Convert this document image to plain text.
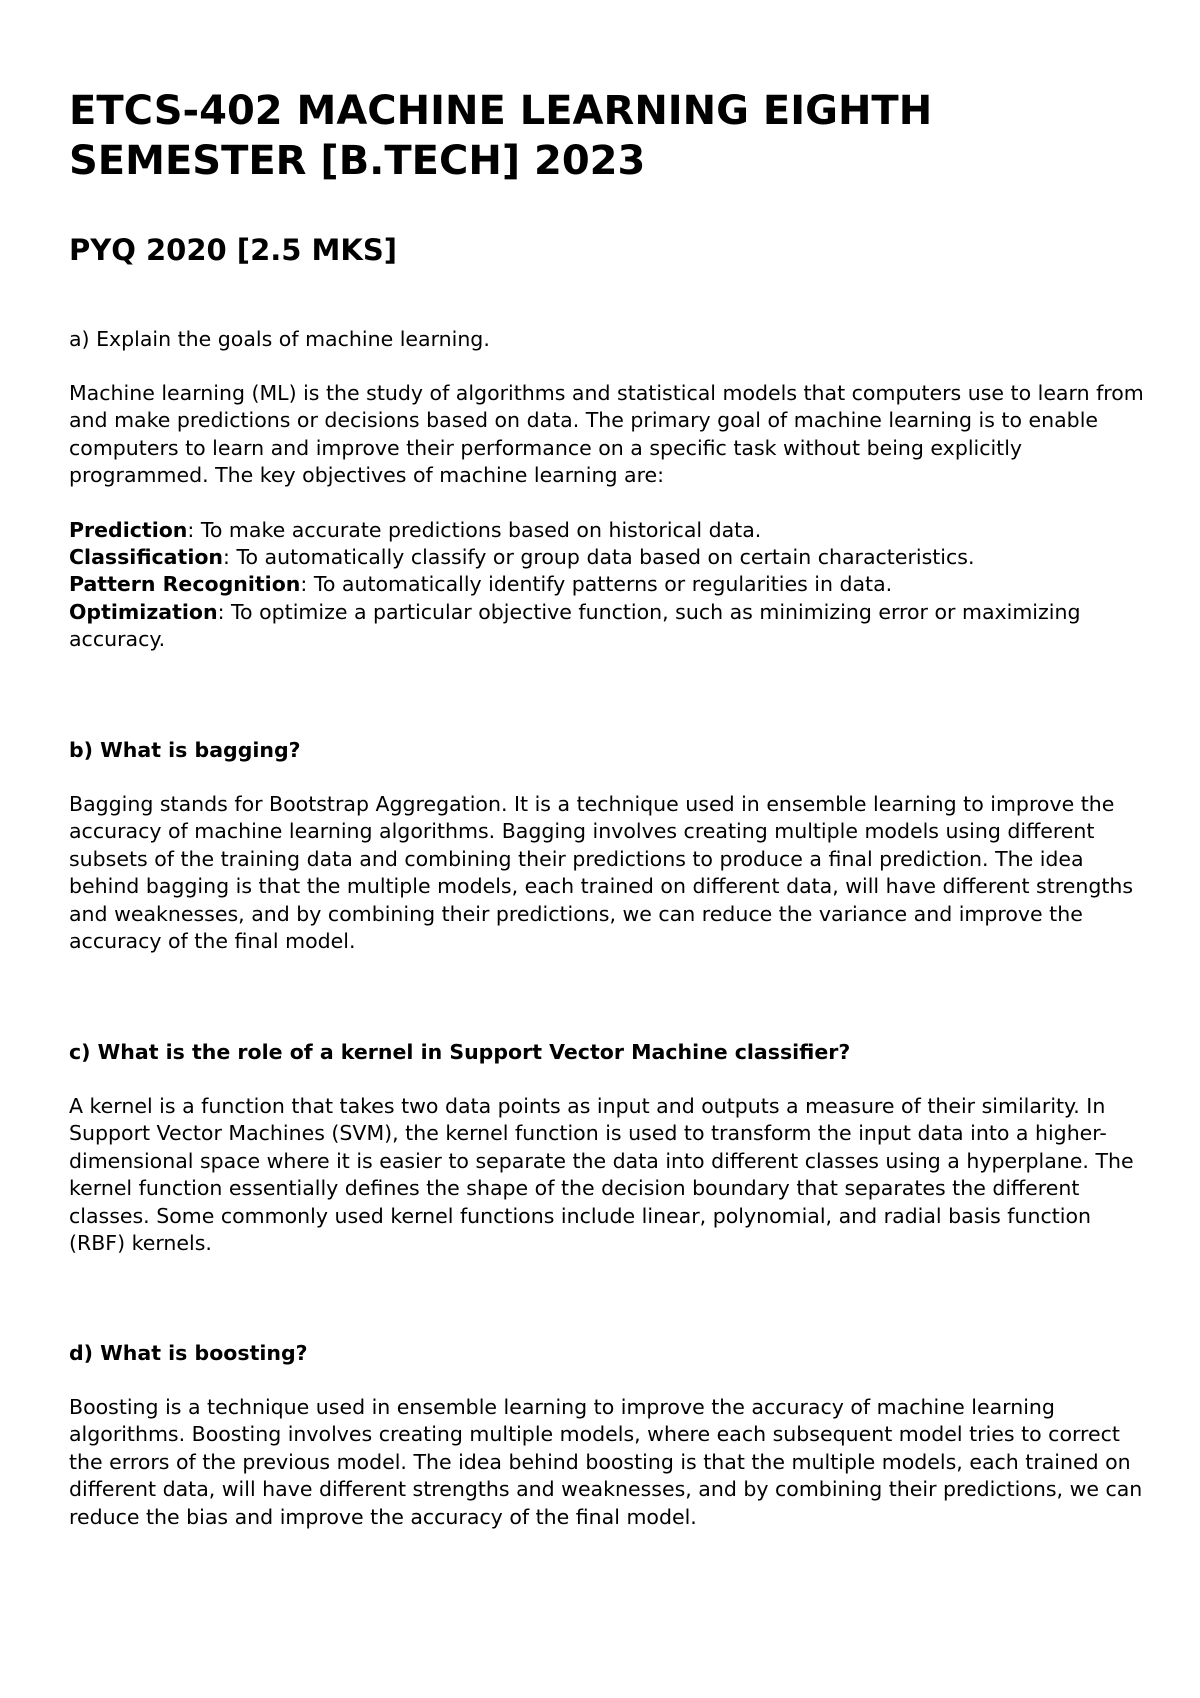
ETCS-402 MACHINE LEARNING EIGHTH SEMESTER [B.TECH] 2023
PYQ 2020 [2.5 MKS]

a) Explain the goals of machine learning.

Machine learning (ML) is the study of algorithms and statistical models that computers use to learn from and make predictions or decisions based on data. The primary goal of machine learning is to enable computers to learn and improve their performance on a specific task without being explicitly programmed. The key objectives of machine learning are:

Prediction: To make accurate predictions based on historical data.
Classification: To automatically classify or group data based on certain characteristics.
Pattern Recognition: To automatically identify patterns or regularities in data.
Optimization: To optimize a particular objective function, such as minimizing error or maximizing accuracy.

b) What is bagging?

Bagging stands for Bootstrap Aggregation. It is a technique used in ensemble learning to improve the accuracy of machine learning algorithms. Bagging involves creating multiple models using different subsets of the training data and combining their predictions to produce a final prediction. The idea behind bagging is that the multiple models, each trained on different data, will have different strengths and weaknesses, and by combining their predictions, we can reduce the variance and improve the accuracy of the final model.

c) What is the role of a kernel in Support Vector Machine classifier?

A kernel is a function that takes two data points as input and outputs a measure of their similarity. In Support Vector Machines (SVM), the kernel function is used to transform the input data into a higher-dimensional space where it is easier to separate the data into different classes using a hyperplane. The kernel function essentially defines the shape of the decision boundary that separates the different classes. Some commonly used kernel functions include linear, polynomial, and radial basis function (RBF) kernels.

d) What is boosting?

Boosting is a technique used in ensemble learning to improve the accuracy of machine learning algorithms. Boosting involves creating multiple models, where each subsequent model tries to correct the errors of the previous model. The idea behind boosting is that the multiple models, each trained on different data, will have different strengths and weaknesses, and by combining their predictions, we can reduce the bias and improve the accuracy of the final model.
